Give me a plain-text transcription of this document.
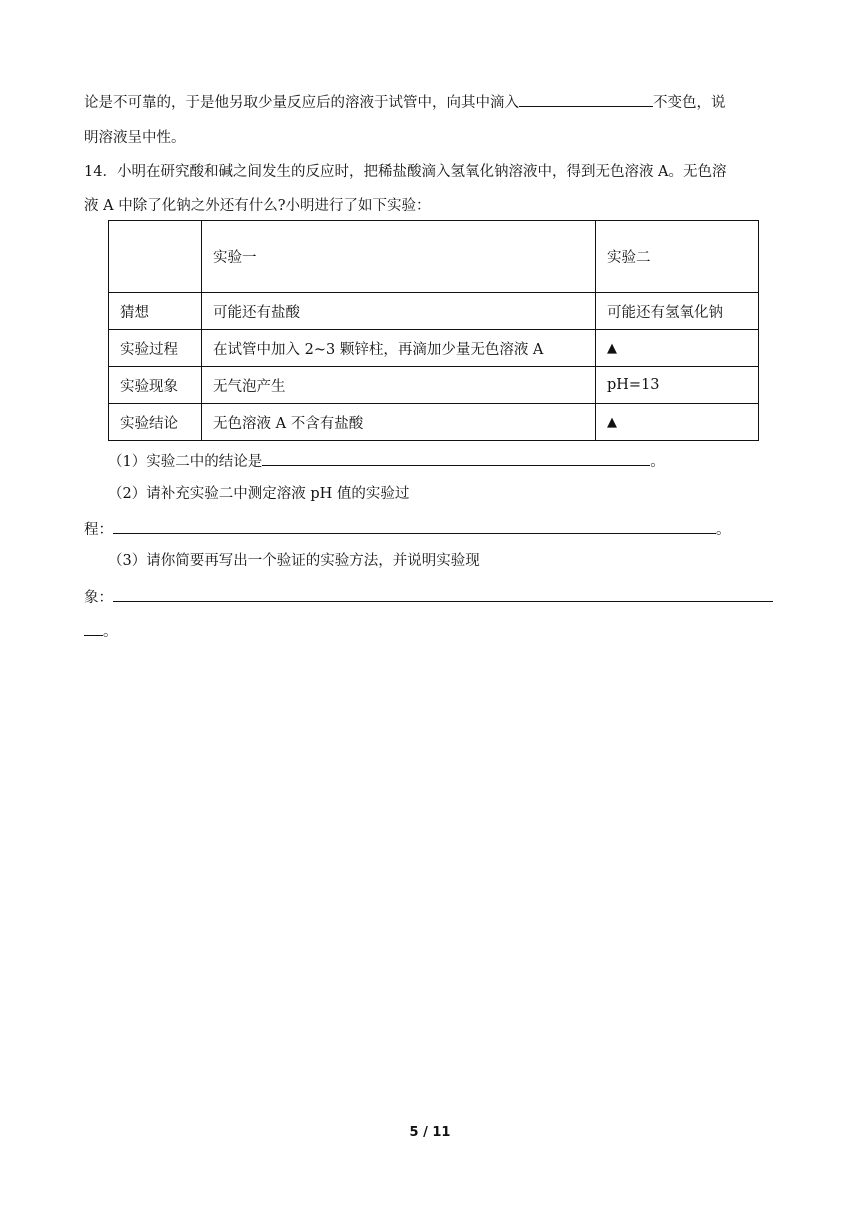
论是不可靠的，于是他另取少量反应后的溶液于试管中，向其中滴入	不变色，说
明溶液呈中性。
14．小明在研究酸和碱之间发生的反应时，把稀盐酸滴入氢氧化钠溶液中，得到无色溶液 A。无色溶
液 A 中除了化钠之外还有什么?小明进行了如下实验：
	实验一	实验二
猜想	可能还有盐酸	可能还有氢氧化钠
实验过程	在试管中加入 2~3 颗锌柱，再滴加少量无色溶液 A	▲
实验现象	无气泡产生	pH=13
实验结论	无色溶液 A 不含有盐酸	▲
（1）实验二中的结论是	。
（2）请补充实验二中测定溶液 pH 值的实验过
程：	。
（3）请你简要再写出一个验证的实验方法，并说明实验现
象：
。
5 / 11
